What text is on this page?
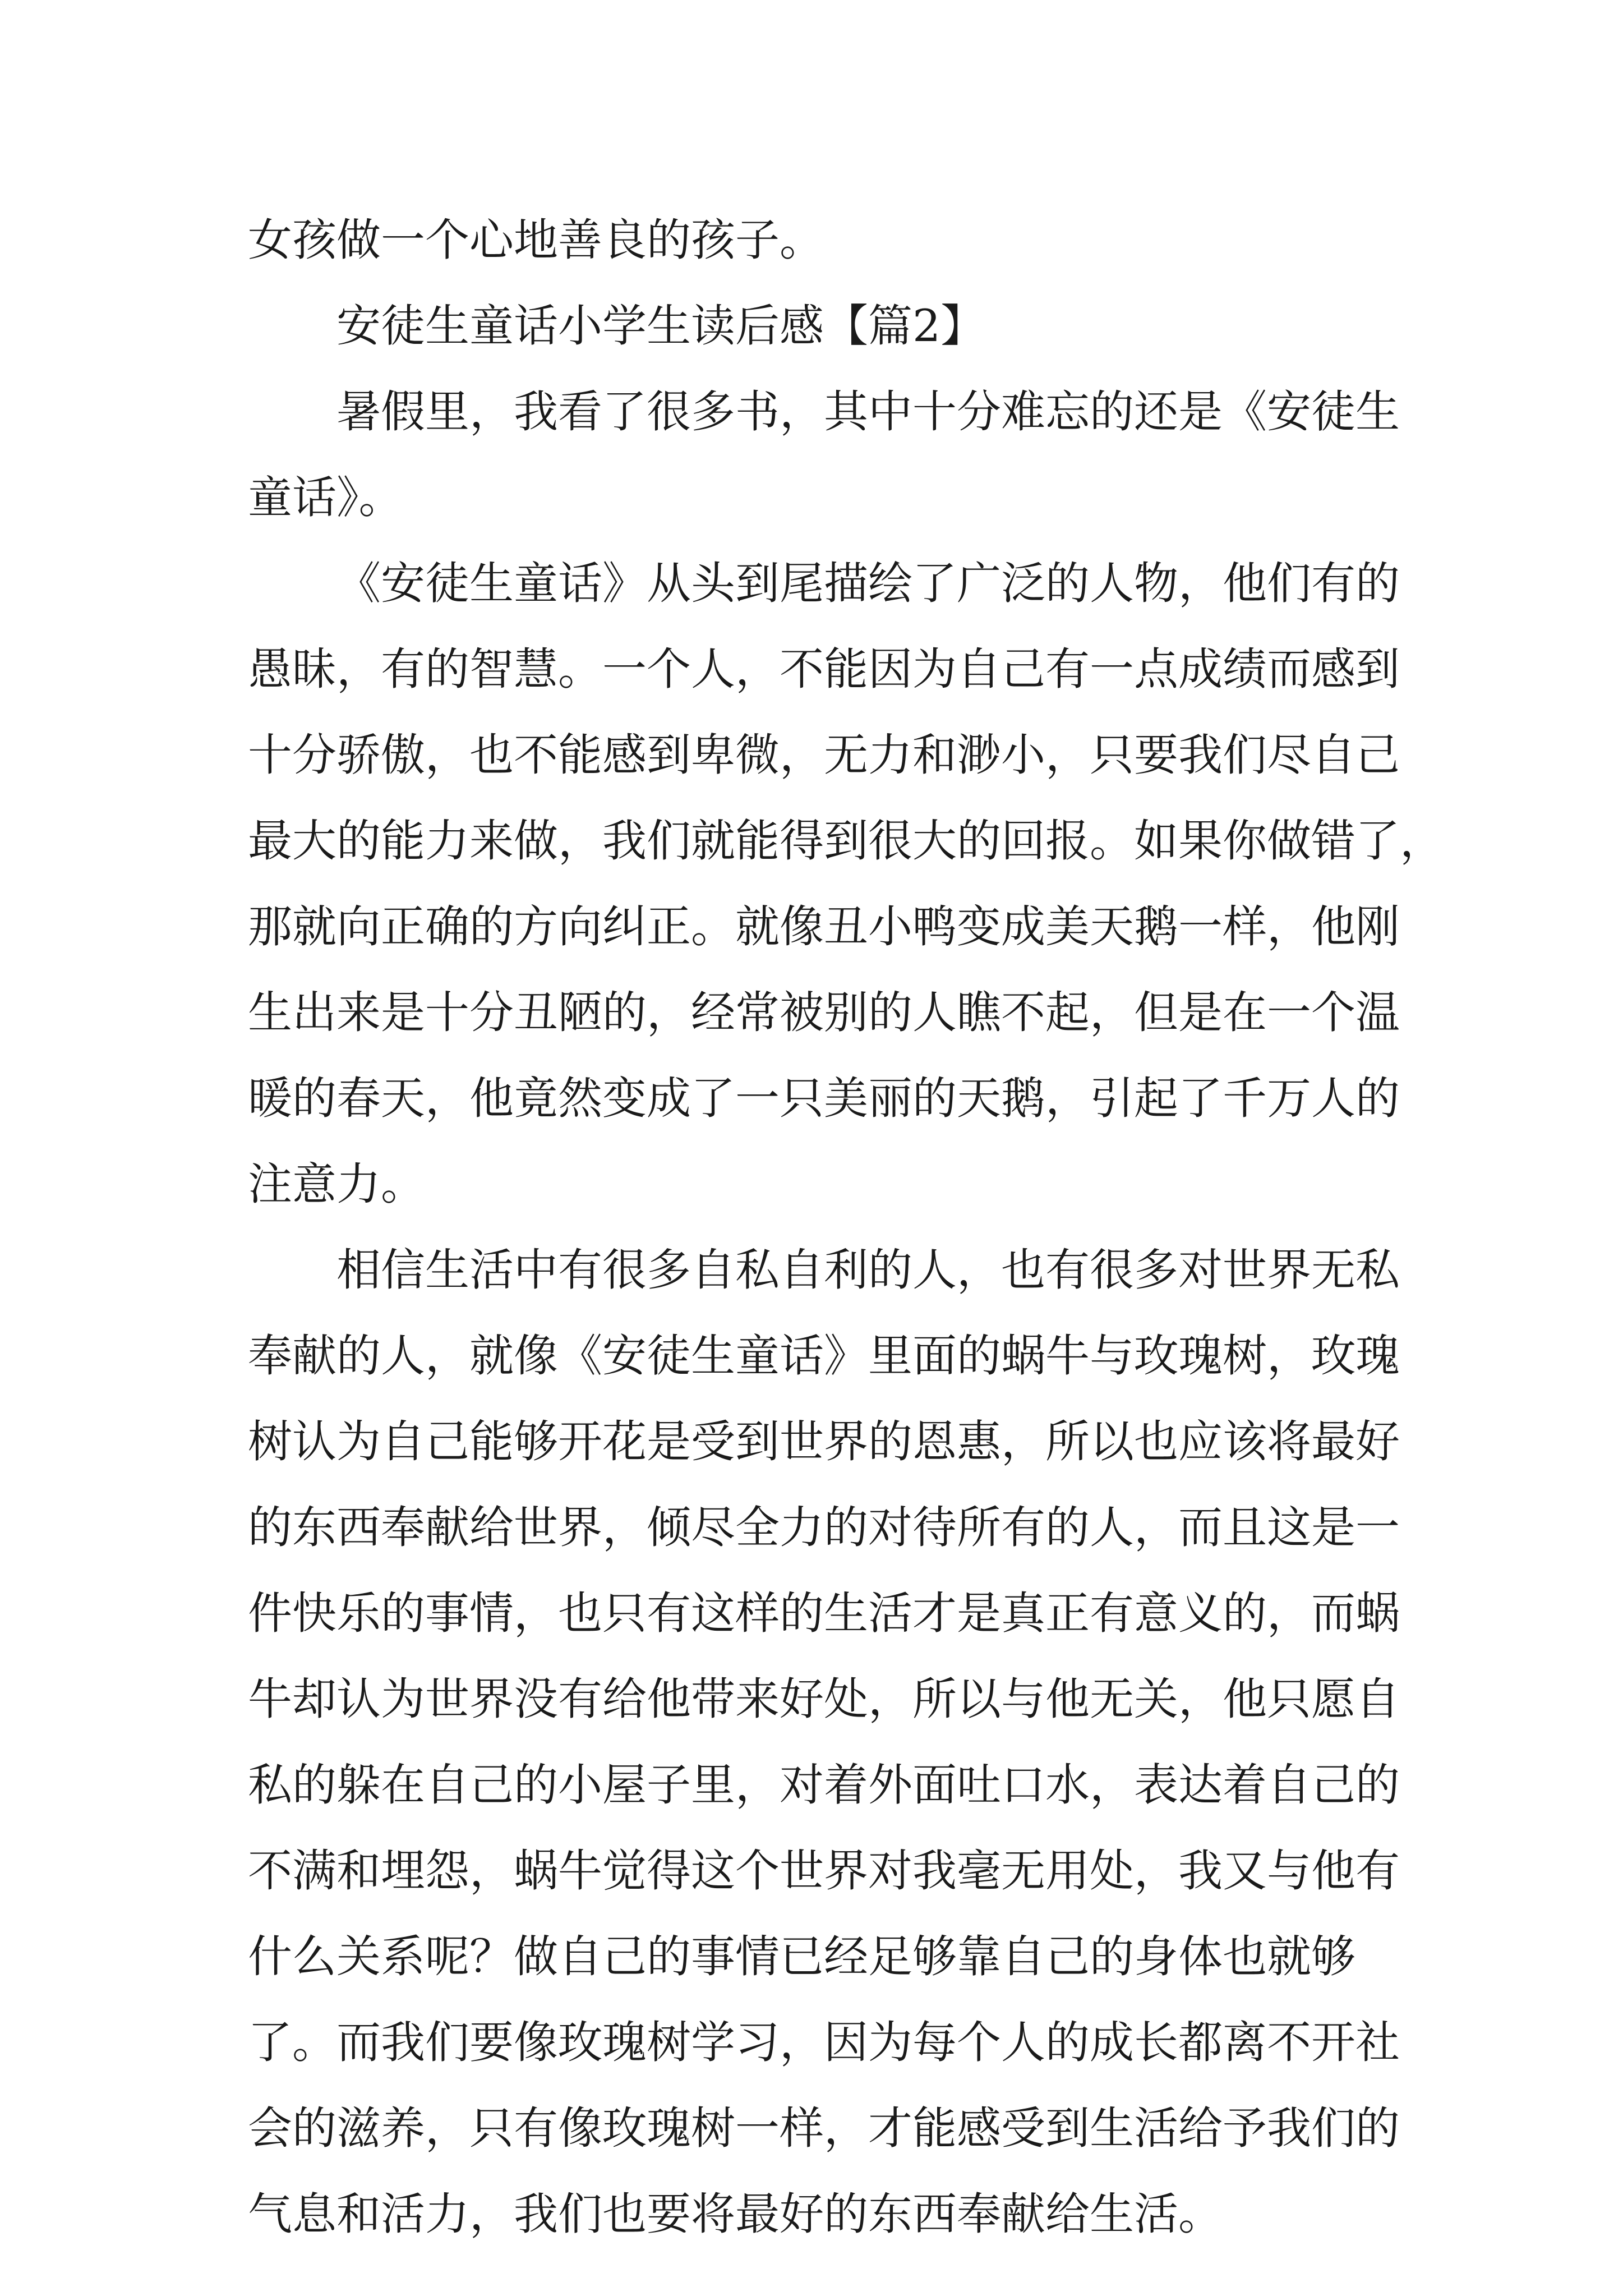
女孩做一个心地善良的孩子。
安徒生童话小学生读后感【篇2】
暑假里，我看了很多书，其中十分难忘的还是《安徒生
童话》。
《安徒生童话》从头到尾描绘了广泛的人物，他们有的
愚昧，有的智慧。一个人，不能因为自己有一点成绩而感到
十分骄傲，也不能感到卑微，无力和渺小，只要我们尽自己
最大的能力来做，我们就能得到很大的回报。如果你做错了，
那就向正确的方向纠正。就像丑小鸭变成美天鹅一样，他刚
生出来是十分丑陋的，经常被别的人瞧不起，但是在一个温
暖的春天，他竟然变成了一只美丽的天鹅，引起了千万人的
注意力。
相信生活中有很多自私自利的人，也有很多对世界无私
奉献的人，就像《安徒生童话》里面的蜗牛与玫瑰树，玫瑰
树认为自己能够开花是受到世界的恩惠，所以也应该将最好
的东西奉献给世界，倾尽全力的对待所有的人，而且这是一
件快乐的事情，也只有这样的生活才是真正有意义的，而蜗
牛却认为世界没有给他带来好处，所以与他无关，他只愿自
私的躲在自己的小屋子里，对着外面吐口水，表达着自己的
不满和埋怨，蜗牛觉得这个世界对我毫无用处，我又与他有
什么关系呢？做自己的事情已经足够靠自己的身体也就够
了。而我们要像玫瑰树学习，因为每个人的成长都离不开社
会的滋养，只有像玫瑰树一样，才能感受到生活给予我们的
气息和活力，我们也要将最好的东西奉献给生活。
